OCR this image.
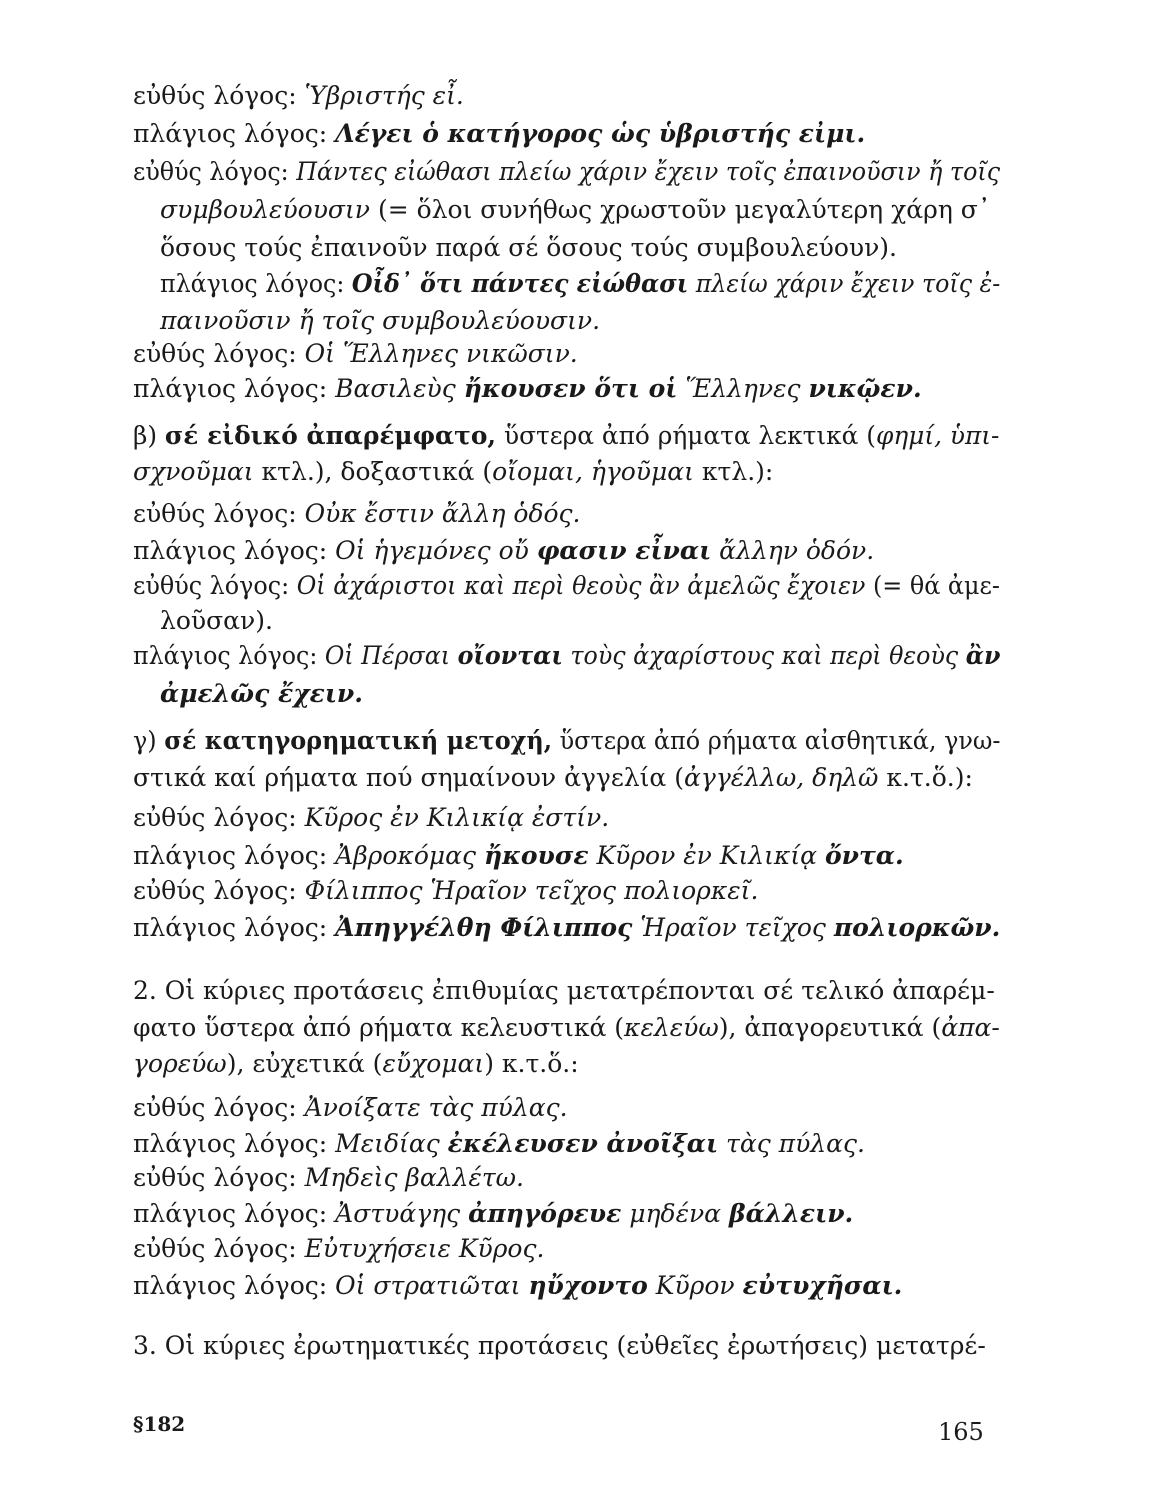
εὐθύς λόγος: Ὑβριστής εἶ.
πλάγιος λόγος: Λέγει ὁ κατήγορος ὡς ὑβριστής εἰμι.
εὐθύς λόγος: Πάντες εἰώθασι πλείω χάριν ἔχειν τοῖς ἐπαινοῦσιν ἤ τοῖς
συμβουλεύουσιν (= ὅλοι συνήθως χρωστοῦν μεγαλύτερη χάρη σ᾽
ὅσους τούς ἐπαινοῦν παρά σέ ὅσους τούς συμβουλεύουν).
πλάγιος λόγος: Οἶδ᾽ ὅτι πάντες εἰώθασι πλείω χάριν ἔχειν τοῖς ἐ-
παινοῦσιν ἤ τοῖς συμβουλεύουσιν.
εὐθύς λόγος: Οἱ Ἕλληνες νικῶσιν.
πλάγιος λόγος: Βασιλεὺς ἤκουσεν ὅτι οἱ Ἕλληνες νικῷεν.
β) σέ εἰδικό ἀπαρέμφατο, ὕστερα ἀπό ρήματα λεκτικά (φημί, ὑπι-
σχνοῦμαι κτλ.), δοξαστικά (οἴομαι, ἡγοῦμαι κτλ.):
εὐθύς λόγος: Οὐκ ἔστιν ἄλλη ὁδός.
πλάγιος λόγος: Οἱ ἡγεμόνες οὔ φασιν εἶναι ἄλλην ὁδόν.
εὐθύς λόγος: Οἱ ἀχάριστοι καὶ περὶ θεοὺς ἂν ἀμελῶς ἔχοιεν (= θά ἀμε-
λοῦσαν).
πλάγιος λόγος: Οἱ Πέρσαι οἴονται τοὺς ἀχαρίστους καὶ περὶ θεοὺς ἂν
ἀμελῶς ἔχειν.
γ) σέ κατηγορηματική μετοχή, ὕστερα ἀπό ρήματα αἰσθητικά, γνω-
στικά καί ρήματα πού σημαίνουν ἀγγελία (ἀγγέλλω, δηλῶ κ.τ.ὅ.):
εὐθύς λόγος: Κῦρος ἐν Κιλικίᾳ ἐστίν.
πλάγιος λόγος: Ἀβροκόμας ἤκουσε Κῦρον ἐν Κιλικίᾳ ὄντα.
εὐθύς λόγος: Φίλιππος Ἡραῖον τεῖχος πολιορκεῖ.
πλάγιος λόγος: Ἀπηγγέλθη Φίλιππος Ἡραῖον τεῖχος πολιορκῶν.
2. Οἱ κύριες προτάσεις ἐπιθυμίας μετατρέπονται σέ τελικό ἀπαρέμ-
φατο ὕστερα ἀπό ρήματα κελευστικά (κελεύω), ἀπαγορευτικά (ἀπα-
γορεύω), εὐχετικά (εὔχομαι) κ.τ.ὅ.:
εὐθύς λόγος: Ἀνοίξατε τὰς πύλας.
πλάγιος λόγος: Μειδίας ἐκέλευσεν ἀνοῖξαι τὰς πύλας.
εὐθύς λόγος: Μηδεὶς βαλλέτω.
πλάγιος λόγος: Ἀστυάγης ἀπηγόρευε μηδένα βάλλειν.
εὐθύς λόγος: Εὐτυχήσειε Κῦρος.
πλάγιος λόγος: Οἱ στρατιῶται ηὔχοντο Κῦρον εὐτυχῆσαι.
3. Οἱ κύριες ἐρωτηματικές προτάσεις (εὐθεῖες ἐρωτήσεις) μετατρέ-
§182	165
